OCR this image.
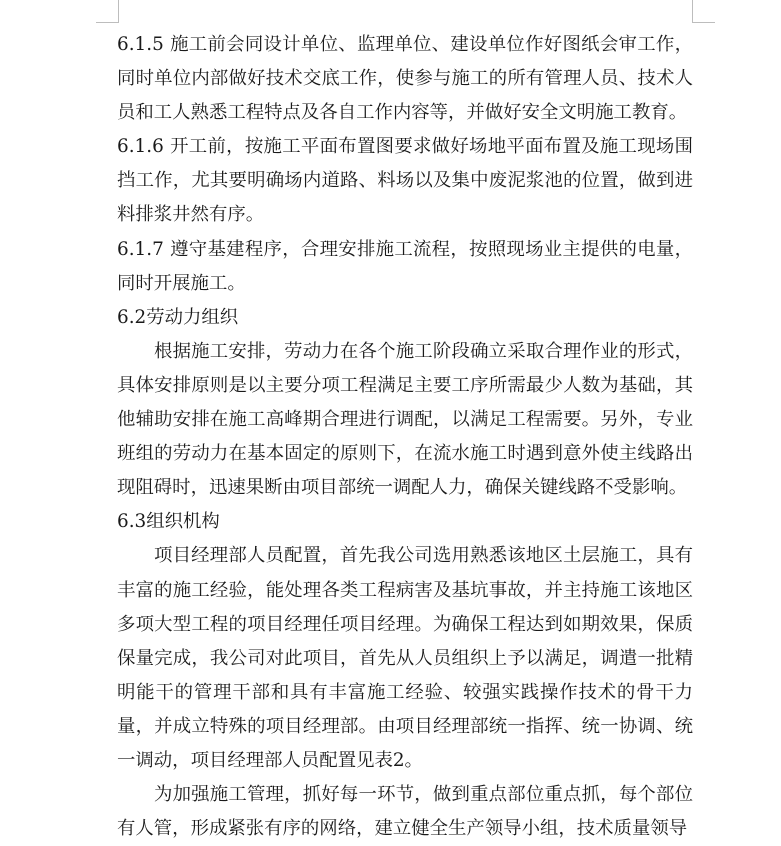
6.1.5 施工前会同设计单位、监理单位、建设单位作好图纸会审工作，同时单位内部做好技术交底工作，使参与施工的所有管理人员、技术人员和工人熟悉工程特点及各自工作内容等，并做好安全文明施工教育。

6.1.6 开工前，按施工平面布置图要求做好场地平面布置及施工现场围挡工作，尤其要明确场内道路、料场以及集中废泥浆池的位置，做到进料排浆井然有序。

6.1.7 遵守基建程序，合理安排施工流程，按照现场业主提供的电量，同时开展施工。

6.2劳动力组织

根据施工安排，劳动力在各个施工阶段确立采取合理作业的形式，具体安排原则是以主要分项工程满足主要工序所需最少人数为基础，其他辅助安排在施工高峰期合理进行调配，以满足工程需要。另外，专业班组的劳动力在基本固定的原则下，在流水施工时遇到意外使主线路出现阻碍时，迅速果断由项目部统一调配人力，确保关键线路不受影响。

6.3组织机构

项目经理部人员配置，首先我公司选用熟悉该地区土层施工，具有丰富的施工经验，能处理各类工程病害及基坑事故，并主持施工该地区多项大型工程的项目经理任项目经理。为确保工程达到如期效果，保质保量完成，我公司对此项目，首先从人员组织上予以满足，调遣一批精明能干的管理干部和具有丰富施工经验、较强实践操作技术的骨干力量，并成立特殊的项目经理部。由项目经理部统一指挥、统一协调、统一调动，项目经理部人员配置见表2。

为加强施工管理，抓好每一环节，做到重点部位重点抓，每个部位有人管，形成紧张有序的网络，建立健全生产领导小组，技术质量领导
